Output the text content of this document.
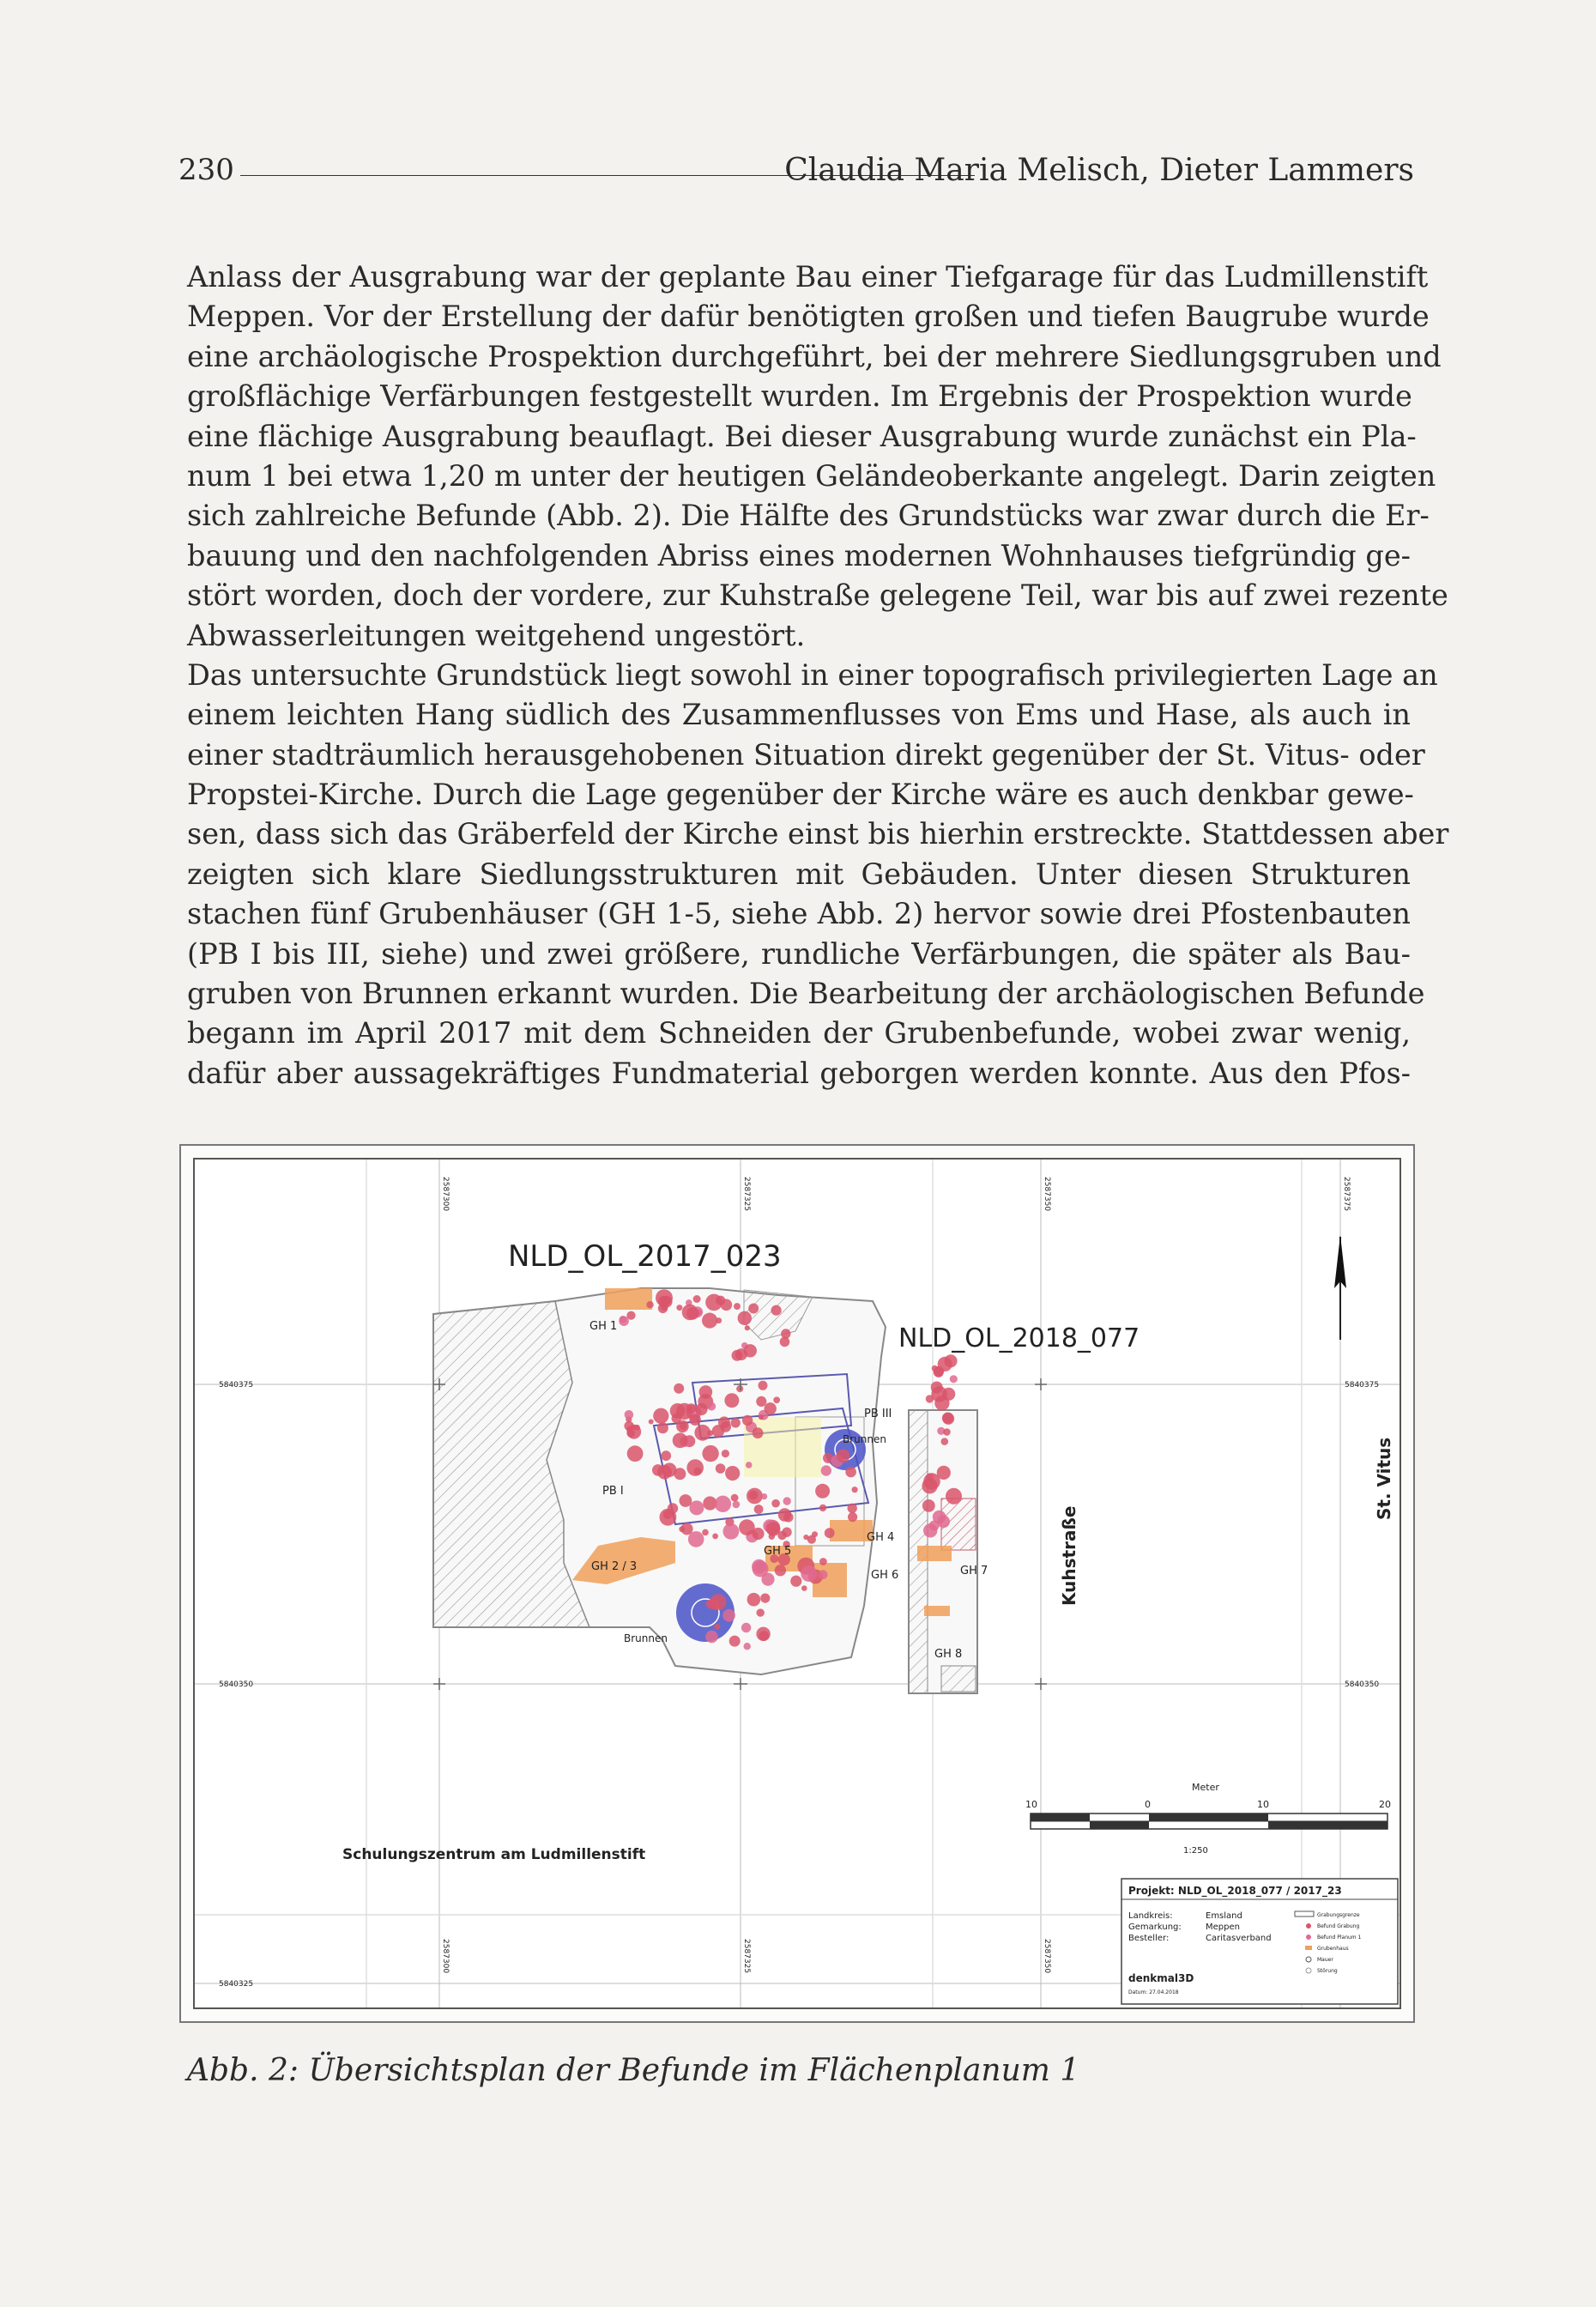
230	Claudia Maria Melisch, Dieter Lammers
Anlass der Ausgrabung war der geplante Bau einer Tiefgarage für das Ludmillenstift
Meppen. Vor der Erstellung der dafür benötigten großen und tiefen Baugrube wurde
eine archäologische Prospektion durchgeführt, bei der mehrere Siedlungsgruben und
großflächige Verfärbungen festgestellt wurden. Im Ergebnis der Prospektion wurde
eine flächige Ausgrabung beauflagt. Bei dieser Ausgrabung wurde zunächst ein Pla-
num 1 bei etwa 1,20 m unter der heutigen Geländeoberkante angelegt. Darin zeigten
sich zahlreiche Befunde (Abb. 2). Die Hälfte des Grundstücks war zwar durch die Er-
bauung und den nachfolgenden Abriss eines modernen Wohnhauses tiefgründig ge-
stört worden, doch der vordere, zur Kuhstraße gelegene Teil, war bis auf zwei rezente
Abwasserleitungen weitgehend ungestört.
Das untersuchte Grundstück liegt sowohl in einer topografisch privilegierten Lage an
einem leichten Hang südlich des Zusammenflusses von Ems und Hase, als auch in
einer stadträumlich herausgehobenen Situation direkt gegenüber der St. Vitus- oder
Propstei-Kirche. Durch die Lage gegenüber der Kirche wäre es auch denkbar gewe-
sen, dass sich das Gräberfeld der Kirche einst bis hierhin erstreckte. Stattdessen aber
zeigten sich klare Siedlungsstrukturen mit Gebäuden. Unter diesen Strukturen
stachen fünf Grubenhäuser (GH 1-5, siehe Abb. 2) hervor sowie drei Pfostenbauten
(PB I bis III, siehe) und zwei größere, rundliche Verfärbungen, die später als Bau-
gruben von Brunnen erkannt wurden. Die Bearbeitung der archäologischen Befunde
begann im April 2017 mit dem Schneiden der Grubenbefunde, wobei zwar wenig,
dafür aber aussagekräftiges Fundmaterial geborgen werden konnte. Aus den Pfos-
NLD_OL_2017_023
NLD_OL_2018_077
GH 1
PB I
PB III
Brunnen
Brunnen
GH 2 / 3
GH 4
GH 5
GH 6	GH 7
GH 8
Kuhstraße
St. Vitus
2587300	2587325	2587350	2587375
2587300	2587325	2587350
5840375
5840350
5840325
5840375
5840350
Schulungszentrum am Ludmillenstift
Meter
10	0	10	20
1:250
Projekt: NLD_OL_2018_077 / 2017_23
Landkreis:	Emsland
Gemarkung:	Meppen
Besteller:	Caritasverband
denkmal3D
Datum: 27.04.2018
Grabungsgrenze
Befund Grabung
Befund Planum 1
Grubenhaus
Mauer
Störung
Abb. 2: Übersichtsplan der Befunde im Flächenplanum 1
